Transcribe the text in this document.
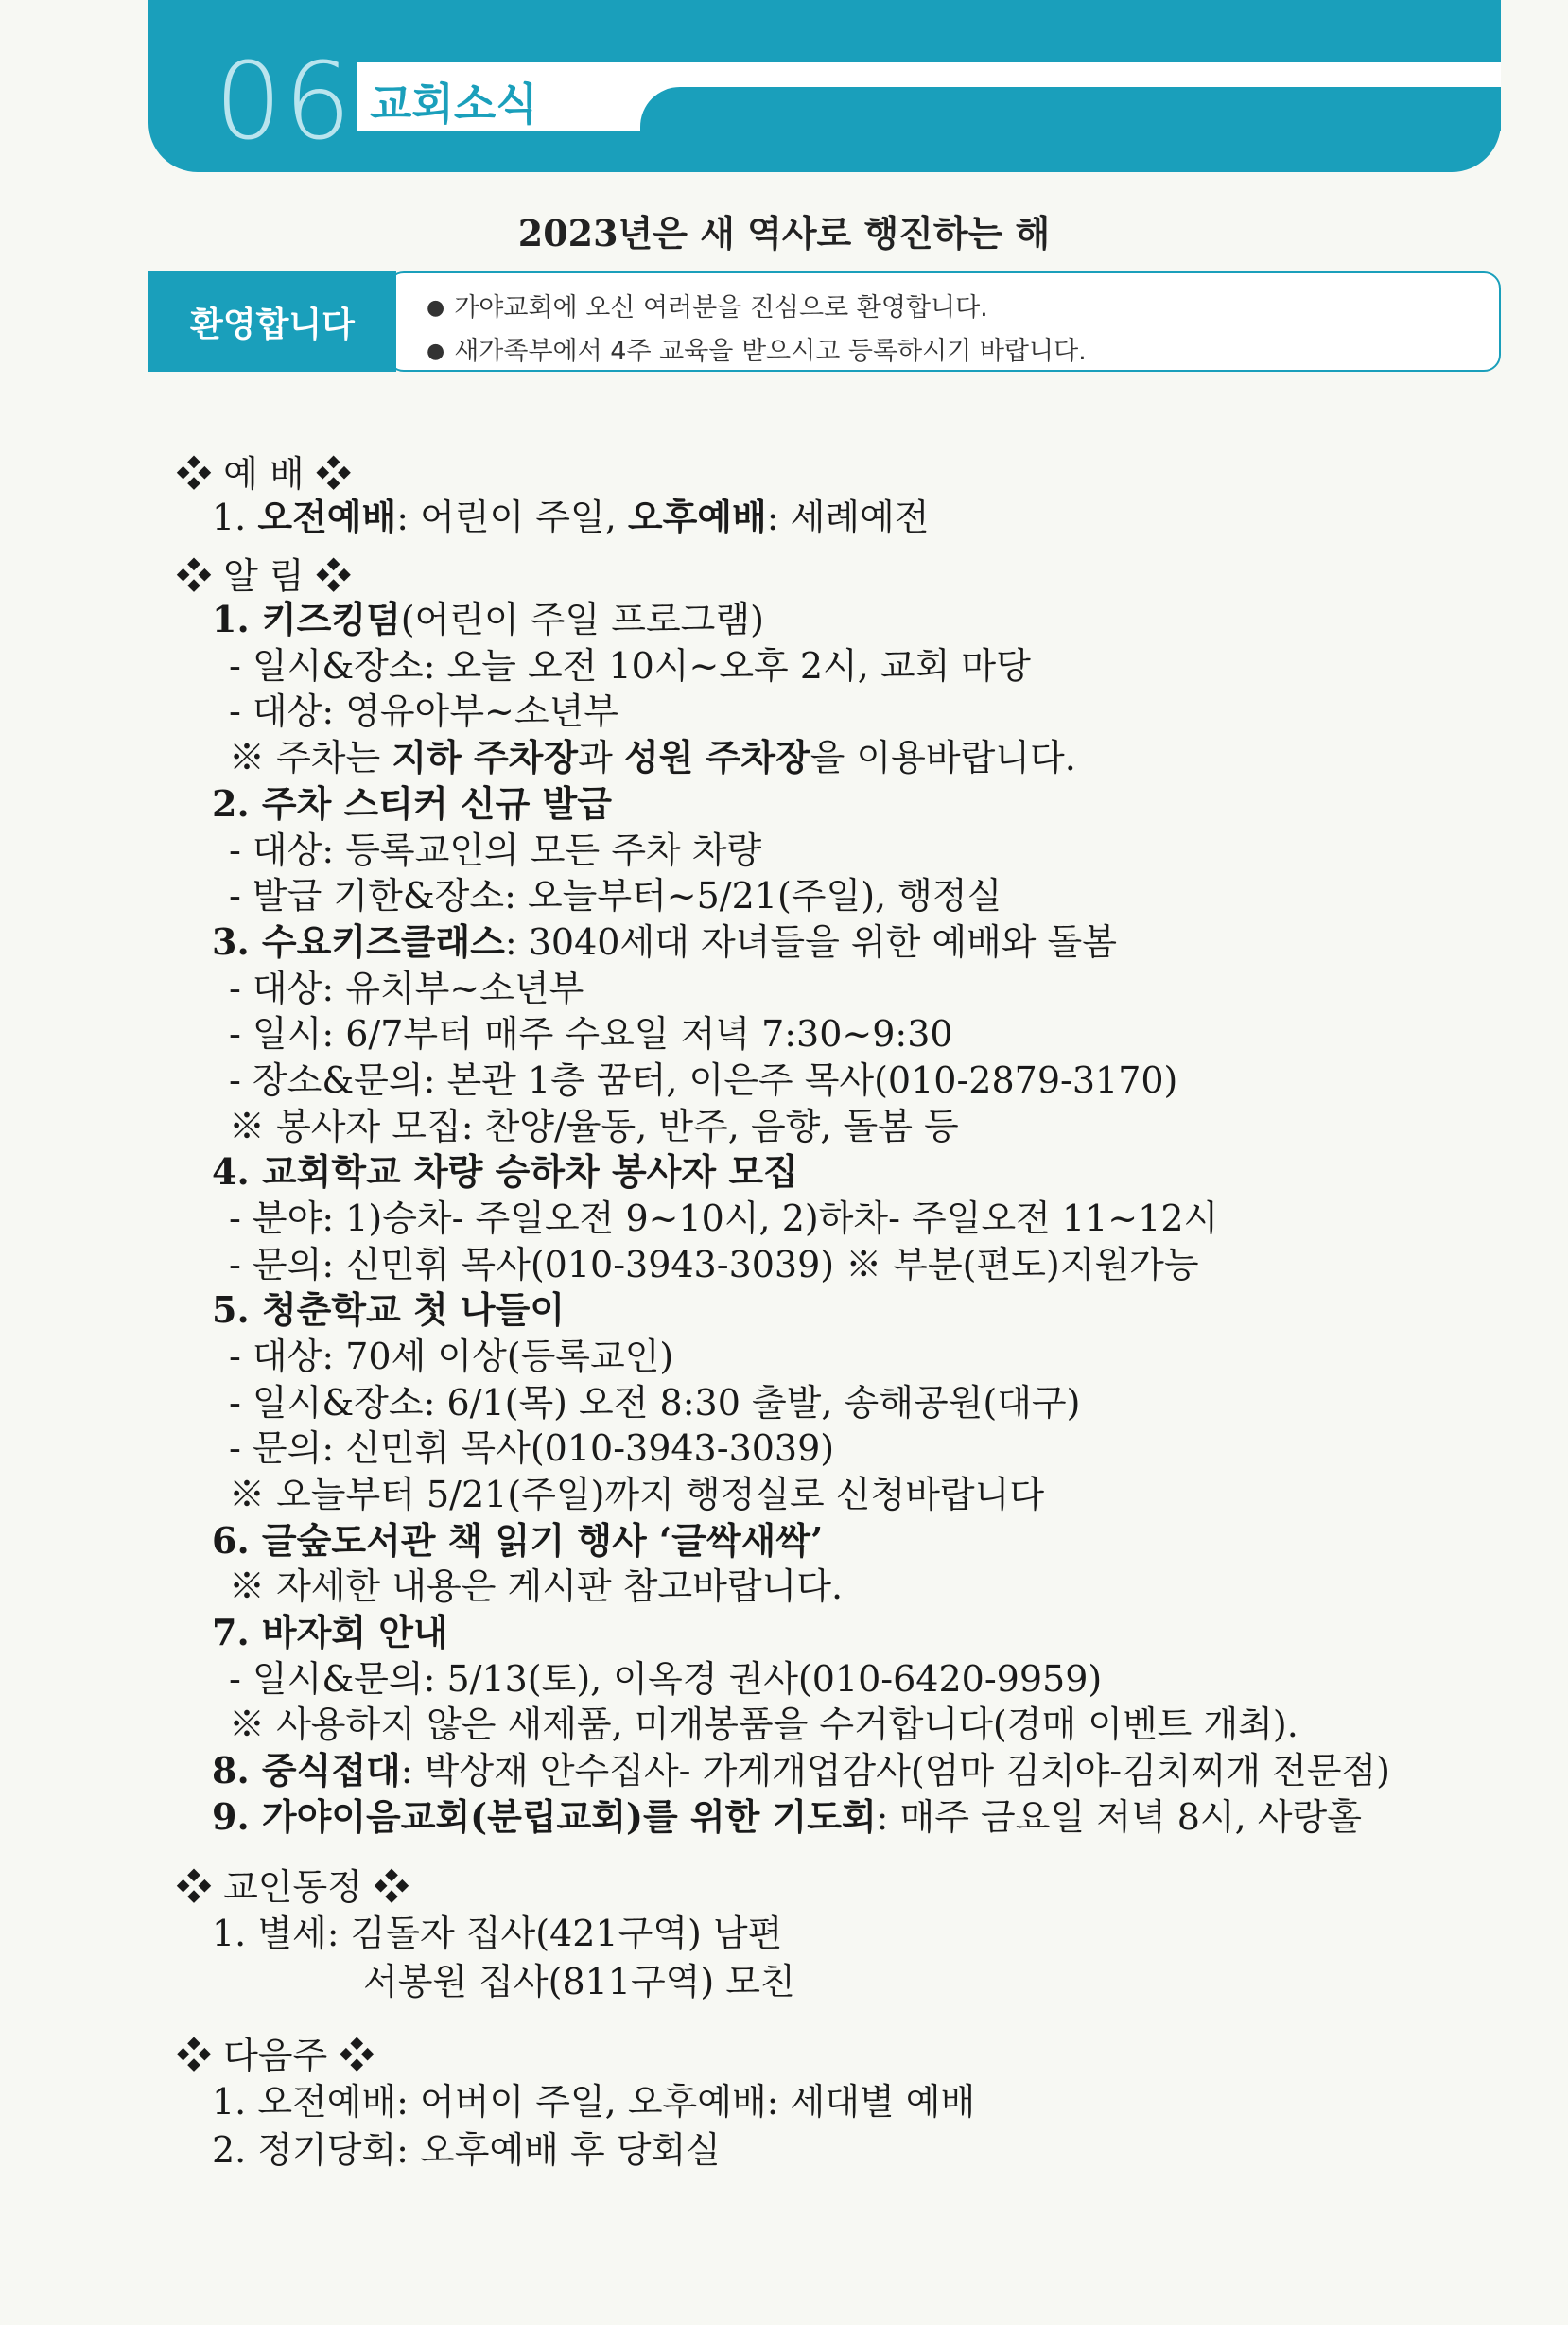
06 교회소식
2023년은 새 역사로 행진하는 해
● 가야교회에 오신 여러분을 진심으로 환영합니다.
● 새가족부에서 4주 교육을 받으시고 등록하시기 바랍니다.
환영합니다
❖ 예 배 ❖
1. 오전예배: 어린이 주일, 오후예배: 세례예전
❖ 알 림 ❖
1. 키즈킹덤(어린이 주일 프로그램)
- 일시&장소: 오늘 오전 10시~오후 2시, 교회 마당
- 대상: 영유아부~소년부
※ 주차는 지하 주차장과 성원 주차장을 이용바랍니다.
2. 주차 스티커 신규 발급
- 대상: 등록교인의 모든 주차 차량
- 발급 기한&장소: 오늘부터~5/21(주일), 행정실
3. 수요키즈클래스: 3040세대 자녀들을 위한 예배와 돌봄
- 대상: 유치부~소년부
- 일시: 6/7부터 매주 수요일 저녁 7:30~9:30
- 장소&문의: 본관 1층 꿈터, 이은주 목사(010-2879-3170)
※ 봉사자 모집: 찬양/율동, 반주, 음향, 돌봄 등
4. 교회학교 차량 승하차 봉사자 모집
- 분야: 1)승차- 주일오전 9~10시, 2)하차- 주일오전 11~12시
- 문의: 신민휘 목사(010-3943-3039) ※ 부분(편도)지원가능
5. 청춘학교 첫 나들이
- 대상: 70세 이상(등록교인)
- 일시&장소: 6/1(목) 오전 8:30 출발, 송해공원(대구)
- 문의: 신민휘 목사(010-3943-3039)
※ 오늘부터 5/21(주일)까지 행정실로 신청바랍니다
6. 글숲도서관 책 읽기 행사 ‘글싹새싹’
※ 자세한 내용은 게시판 참고바랍니다.
7. 바자회 안내
- 일시&문의: 5/13(토), 이옥경 권사(010-6420-9959)
※ 사용하지 않은 새제품, 미개봉품을 수거합니다(경매 이벤트 개최).
8. 중식접대: 박상재 안수집사- 가게개업감사(엄마 김치야-김치찌개 전문점)
9. 가야이음교회(분립교회)를 위한 기도회: 매주 금요일 저녁 8시, 사랑홀
❖ 교인동정 ❖
1. 별세: 김돌자 집사(421구역) 남편
서봉원 집사(811구역) 모친
❖ 다음주 ❖
1. 오전예배: 어버이 주일, 오후예배: 세대별 예배
2. 정기당회: 오후예배 후 당회실
